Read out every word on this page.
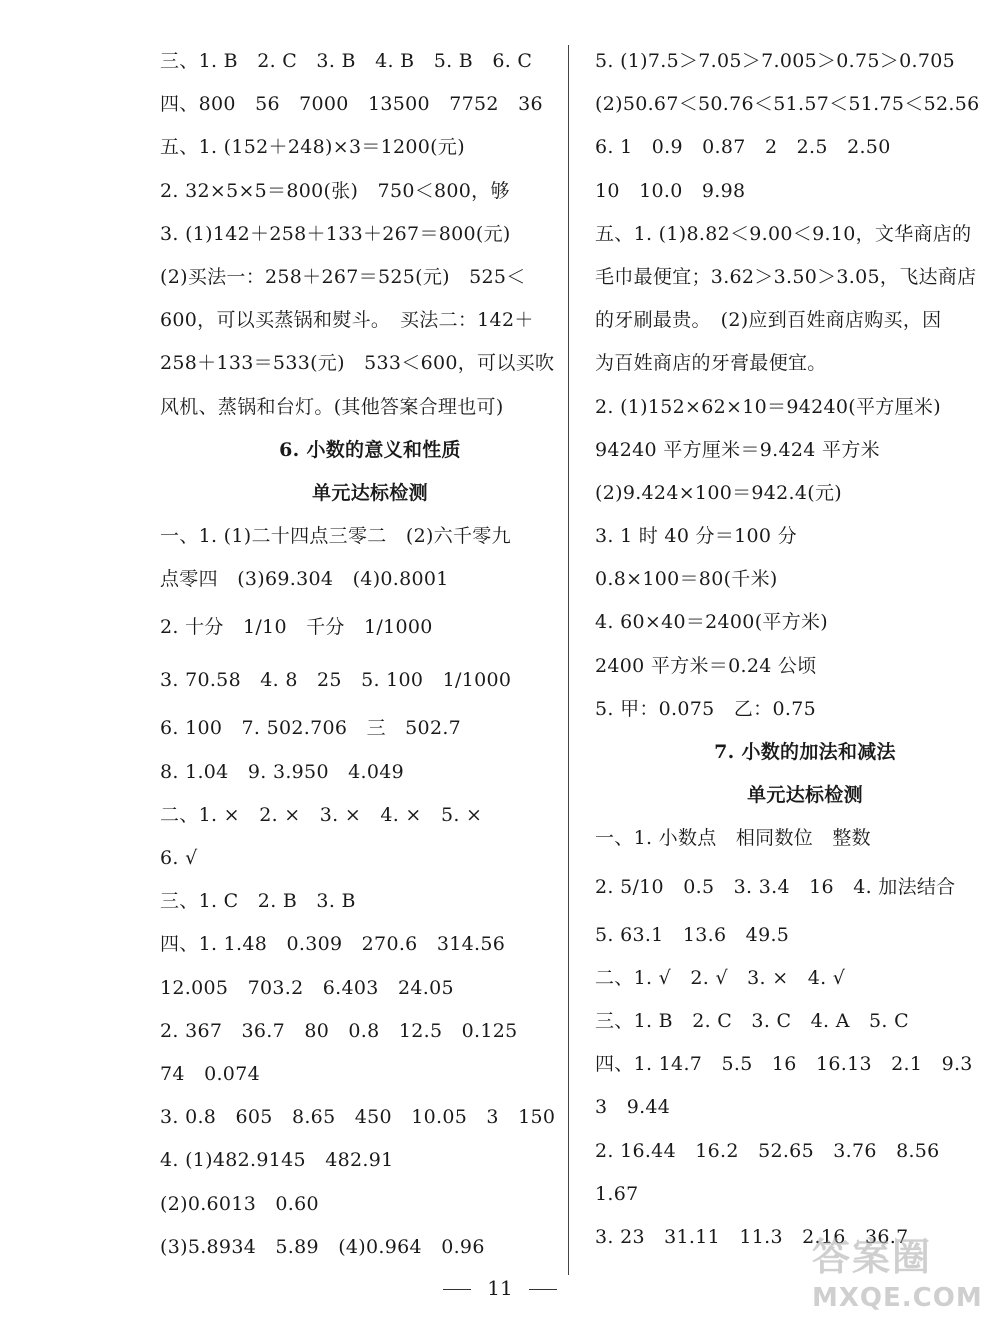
三、1. B　2. C　3. B　4. B　5. B　6. C
四、800　56　7000　13500　7752　36
五、1. (152＋248)×3＝1200(元)
2. 32×5×5＝800(张)　750＜800，够
3. (1)142＋258＋133＋267＝800(元)
(2)买法一：258＋267＝525(元)　525＜
600，可以买蒸锅和熨斗。　买法二：142＋
258＋133＝533(元)　533＜600，可以买吹
风机、蒸锅和台灯。(其他答案合理也可)
6. 小数的意义和性质
单元达标检测
一、1. (1)二十四点三零二　(2)六千零九
点零四　(3)69.304　(4)0.8001
2. 十分　1/10　千分　1/1000
3. 70.58　4. 8　25　5. 100　1/1000
6. 100　7. 502.706　三　502.7
8. 1.04　9. 3.950　4.049
二、1. ×　2. ×　3. ×　4. ×　5. ×
6. √
三、1. C　2. B　3. B
四、1. 1.48　0.309　270.6　314.56
12.005　703.2　6.403　24.05
2. 367　36.7　80　0.8　12.5　0.125
74　0.074
3. 0.8　605　8.65　450　10.05　3　150
4. (1)482.9145　482.91
(2)0.6013　0.60
(3)5.8934　5.89　(4)0.964　0.96
5. (1)7.5＞7.05＞7.005＞0.75＞0.705
(2)50.67＜50.76＜51.57＜51.75＜52.56
6. 1　0.9　0.87　2　2.5　2.50
10　10.0　9.98
五、1. (1)8.82＜9.00＜9.10，文华商店的
毛巾最便宜；3.62＞3.50＞3.05，飞达商店
的牙刷最贵。　(2)应到百姓商店购买，因
为百姓商店的牙膏最便宜。
2. (1)152×62×10＝94240(平方厘米)
94240 平方厘米＝9.424 平方米
(2)9.424×100＝942.4(元)
3. 1 时 40 分＝100 分
0.8×100＝80(千米)
4. 60×40＝2400(平方米)
2400 平方米＝0.24 公顷
5. 甲：0.075　乙：0.75
7. 小数的加法和减法
单元达标检测
一、1. 小数点　相同数位　整数
2. 5/10　0.5　3. 3.4　16　4. 加法结合
5. 63.1　13.6　49.5
二、1. √　2. √　3. ×　4. √
三、1. B　2. C　3. C　4. A　5. C
四、1. 14.7　5.5　16　16.13　2.1　9.3
3　9.44
2. 16.44　16.2　52.65　3.76　8.56
1.67
3. 23　31.11　11.3　2.16　36.7
11
答案圈
MXQE.COM
